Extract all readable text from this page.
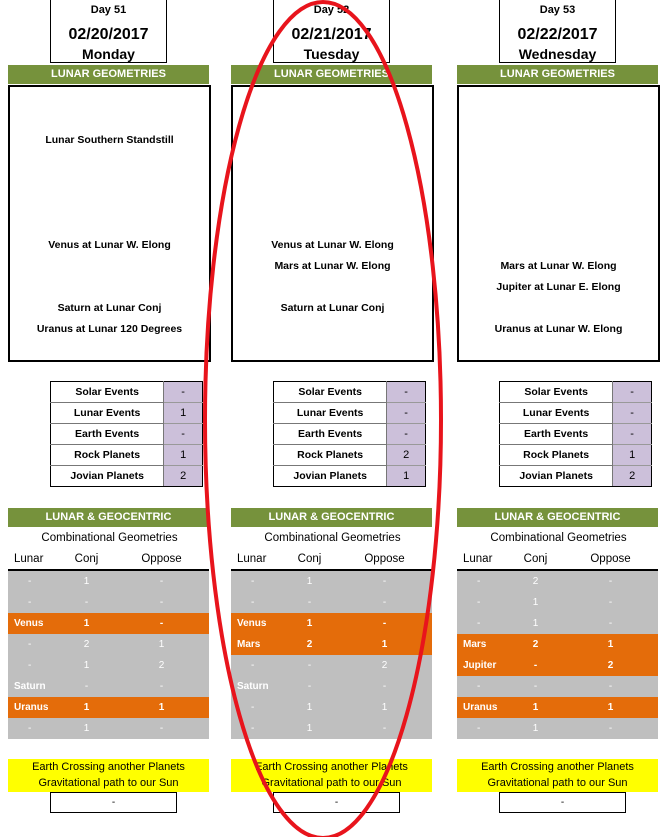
Day 51
02/20/2017
Monday
LUNAR GEOMETRIES
Lunar Southern Standstill
Venus at Lunar W. Elong
Saturn at Lunar Conj
Uranus at Lunar 120 Degrees
Solar Events	-
Lunar Events	1
Earth Events	-
Rock Planets	1
Jovian Planets	2
LUNAR & GEOCENTRIC
Combinational Geometries
Lunar	Conj	Oppose
-	1	-
-	-	-
Venus	1	-
-	2	1
-	1	2
Saturn	-	-
Uranus	1	1
-	1	-
Earth Crossing another Planets
Gravitational path to our Sun
-
Day 52
02/21/2017
Tuesday
LUNAR GEOMETRIES
Venus at Lunar W. Elong
Mars at Lunar W. Elong
Saturn at Lunar Conj
Solar Events	-
Lunar Events	-
Earth Events	-
Rock Planets	2
Jovian Planets	1
LUNAR & GEOCENTRIC
Combinational Geometries
Lunar	Conj	Oppose
-	1	-
-	-	-
Venus	1	-
Mars	2	1
-	-	2
Saturn	-	-
-	1	1
-	1	-
Earth Crossing another Planets
Gravitational path to our Sun
-
Day 53
02/22/2017
Wednesday
LUNAR GEOMETRIES
Mars at Lunar W. Elong
Jupiter at Lunar E. Elong
Uranus at Lunar W. Elong
Solar Events	-
Lunar Events	-
Earth Events	-
Rock Planets	1
Jovian Planets	2
LUNAR & GEOCENTRIC
Combinational Geometries
Lunar	Conj	Oppose
-	2	-
-	1	-
-	1	-
Mars	2	1
Jupiter	-	2
-	-	-
Uranus	1	1
-	1	-
Earth Crossing another Planets
Gravitational path to our Sun
-
